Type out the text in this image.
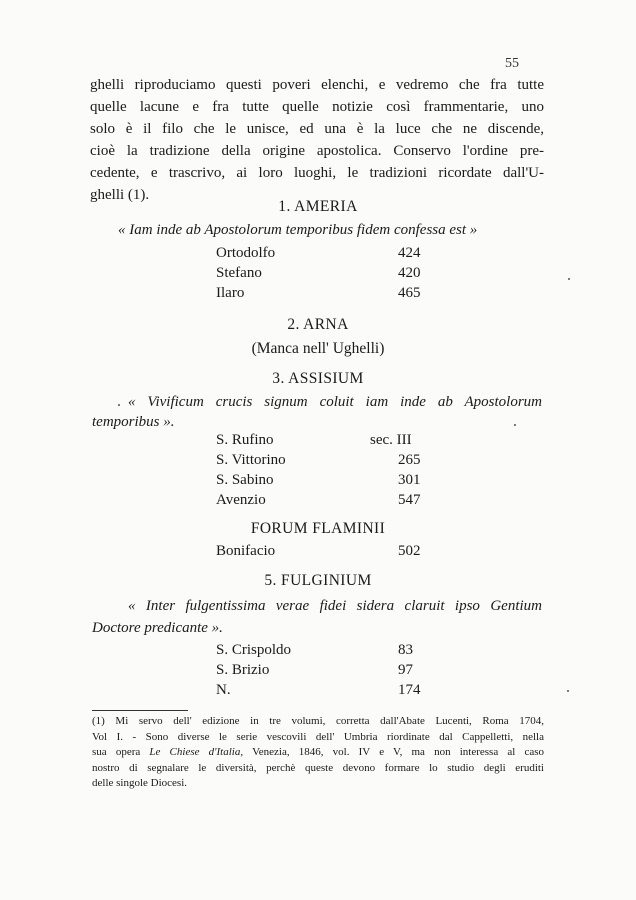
55
ghelli riproduciamo questi poveri elenchi, e vedremo che fra tutte
quelle lacune e fra tutte quelle notizie così frammentarie, uno
solo è il filo che le unisce, ed una è la luce che ne discende,
cioè la tradizione della origine apostolica. Conservo l'ordine pre-
cedente, e trascrivo, ai loro luoghi, le tradizioni ricordate dall'U-
ghelli (1).
1. AMERIA
« Iam inde ab Apostolorum temporibus fidem confessa est »
Ortodolfo	424
Stefano	420
Ilaro	465
2. ARNA
(Manca nell' Ughelli)
3. ASSISIUM
« Vivificum crucis signum coluit iam inde ab Apostolorum
temporibus ».
S. Rufino	sec. III
S. Vittorino	265
S. Sabino	301
Avenzio	547
FORUM FLAMINII
Bonifacio	502
5. FULGINIUM
« Inter fulgentissima verae fidei sidera claruit ipso Gentium
Doctore predicante ».
S. Crispoldo	83
S. Brizio	97
N.	174
(1) Mi servo dell' edizione in tre volumi, corretta dall'Abate Lucenti, Roma 1704,
Vol I. - Sono diverse le serie vescovili dell' Umbria riordinate dal Cappelletti, nella
sua opera Le Chiese d'Italia, Venezia, 1846, vol. IV e V, ma non interessa al caso
nostro di segnalare le diversità, perchè queste devono formare lo studio degli eruditi
delle singole Diocesi.
